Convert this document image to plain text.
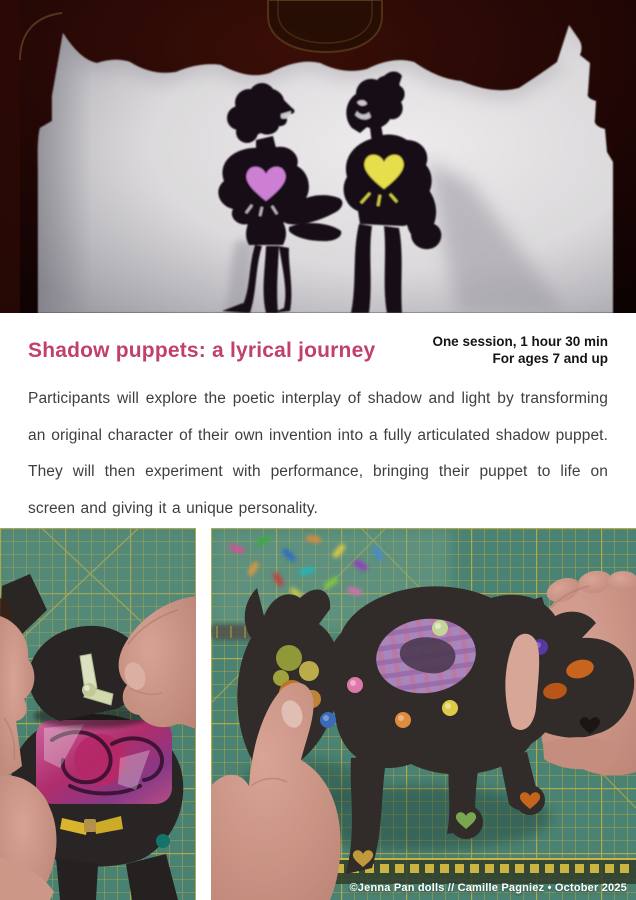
Shadow puppets: a lyrical journey	One session, 1 hour 30 min
For ages 7 and up

Participants will explore the poetic interplay of shadow and light by transforming an original character of their own invention into a fully articulated shadow puppet. They will then experiment with performance, bringing their puppet to life on screen and giving it a unique personality.

©Jenna Pan dolls // Camille Pagniez • October 2025
